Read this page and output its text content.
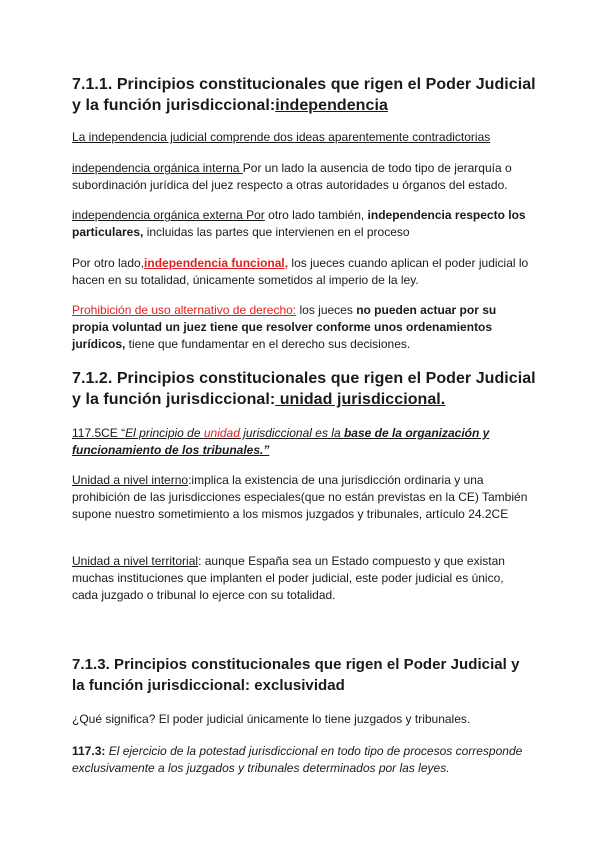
7.1.1. Principios constitucionales que rigen el Poder Judicial y la función jurisdiccional:independencia

La independencia judicial comprende dos ideas aparentemente contradictorias

independencia orgánica interna Por un lado la ausencia de todo tipo de jerarquía o subordinación jurídica del juez respecto a otras autoridades u órganos del estado.

independencia orgánica externa Por otro lado también, independencia respecto los particulares, incluidas las partes que intervienen en el proceso

Por otro lado,independencia funcional, los jueces cuando aplican el poder judicial lo hacen en su totalidad, únicamente sometidos al imperio de la ley.

Prohibición de uso alternativo de derecho: los jueces no pueden actuar por su propia voluntad un juez tiene que resolver conforme unos ordenamientos jurídicos, tiene que fundamentar en el derecho sus decisiones.

7.1.2. Principios constitucionales que rigen el Poder Judicial y la función jurisdiccional: unidad jurisdiccional.

117.5CE “El principio de unidad jurisdiccional es la base de la organización y funcionamiento de los tribunales.”

Unidad a nivel interno:implica la existencia de una jurisdicción ordinaria y una prohibición de las jurisdicciones especiales(que no están previstas en la CE) También supone nuestro sometimiento a los mismos juzgados y tribunales, artículo 24.2CE

Unidad a nivel territorial: aunque España sea un Estado compuesto y que existan muchas instituciones que implanten el poder judicial, este poder judicial es único, cada juzgado o tribunal lo ejerce con su totalidad.

7.1.3. Principios constitucionales que rigen el Poder Judicial y la función jurisdiccional: exclusividad

¿Qué significa? El poder judicial únicamente lo tiene juzgados y tribunales.

117.3: El ejercicio de la potestad jurisdiccional en todo tipo de procesos corresponde exclusivamente a los juzgados y tribunales determinados por las leyes.
